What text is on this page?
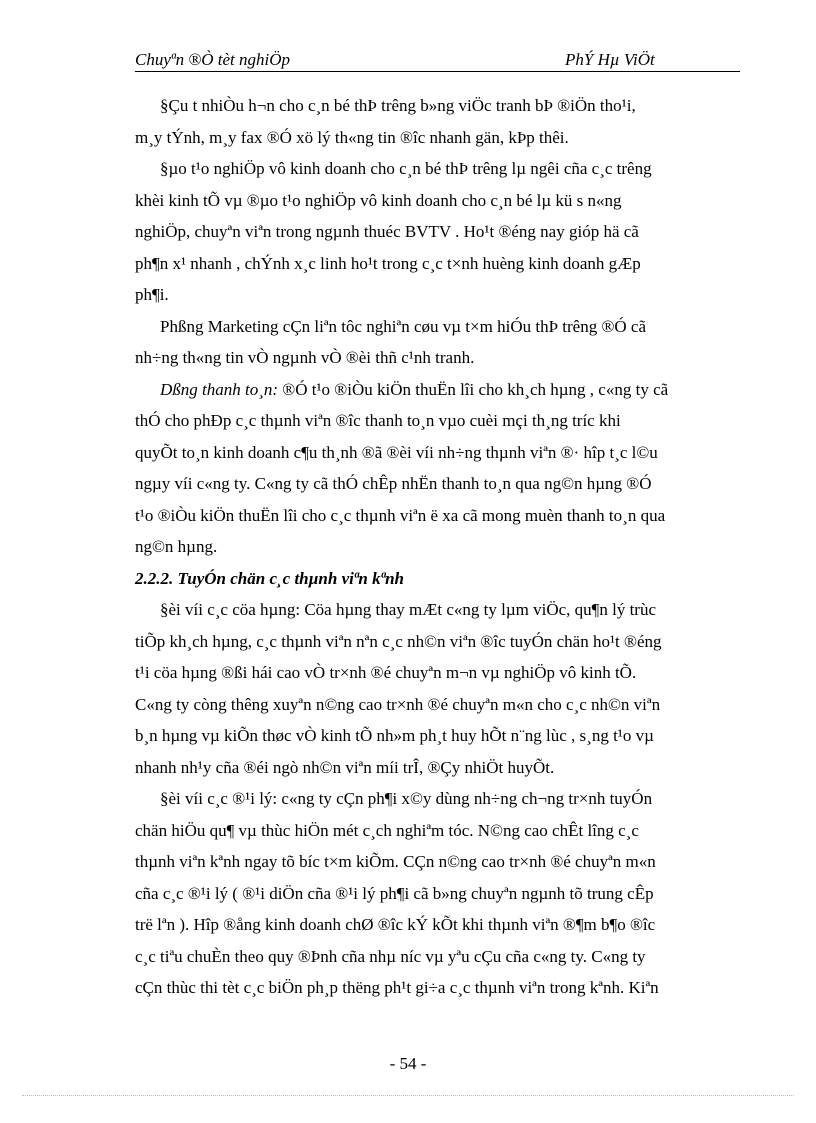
Chuyªn ®Ò tèt nghiÖp	PhÝ Hµ ViÖt
§Çu t nhiÒu h¬n cho c¸n bé thÞ trêng b»ng viÖc tranh bÞ ®iÖn tho¹i,
m¸y tÝnh, m¸y fax ®Ó xö lý th«ng tin ®îc nhanh gän, kÞp thêi.
§µo t¹o nghiÖp vô kinh doanh cho c¸n bé thÞ trêng lµ ngêi cña c¸c trêng
khèi kinh tÕ vµ ®µo t¹o nghiÖp vô kinh doanh cho c¸n bé lµ kü s n«ng
nghiÖp, chuyªn viªn trong ngµnh thuéc BVTV . Ho¹t ®éng nay gióp hä cã
ph¶n x¹ nhanh , chÝnh x¸c linh ho¹t trong c¸c t×nh huèng kinh doanh gÆp
ph¶i.
Phßng Marketing cÇn liªn tôc nghiªn cøu vµ t×m hiÓu thÞ trêng ®Ó cã
nh÷ng th«ng tin vÒ ngµnh vÒ ®èi thñ c¹nh tranh.
Dßng thanh to¸n: ®Ó t¹o ®iÒu kiÖn thuËn lîi cho kh¸ch hµng , c«ng ty cã
thÓ cho phÐp c¸c thµnh viªn ®îc thanh to¸n vµo cuèi mçi th¸ng tríc khi
quyÕt to¸n kinh doanh c¶u th¸nh ®ã ®èi víi nh÷ng thµnh viªn ®· hîp t¸c l©u
ngµy víi c«ng ty. C«ng ty cã thÓ chÊp nhËn thanh to¸n qua ng©n hµng ®Ó
t¹o ®iÒu kiÖn thuËn lîi cho c¸c thµnh viªn ë xa cã mong muèn thanh to¸n qua
ng©n hµng.
2.2.2. TuyÓn chän c¸c thµnh viªn kªnh
§èi víi c¸c cöa hµng: Cöa hµng thay mÆt c«ng ty lµm viÖc, qu¶n lý trùc
tiÕp kh¸ch hµng, c¸c thµnh viªn nªn c¸c nh©n viªn ®îc tuyÓn chän ho¹t ®éng
t¹i cöa hµng ®ßi hái cao vÒ tr×nh ®é chuyªn m¬n vµ nghiÖp vô kinh tÕ.
C«ng ty còng thêng xuyªn n©ng cao tr×nh ®é chuyªn m«n cho c¸c nh©n viªn
b¸n hµng vµ kiÕn thøc vÒ kinh tÕ nh»m ph¸t huy hÕt n¨ng lùc , s¸ng t¹o vµ
nhanh nh¹y cña ®éi ngò nh©n viªn míi trÎ, ®Çy nhiÖt huyÕt.
§èi víi c¸c ®¹i lý: c«ng ty cÇn ph¶i x©y dùng nh÷ng ch¬ng tr×nh tuyÓn
chän hiÖu qu¶ vµ thùc hiÖn mét c¸ch nghiªm tóc. N©ng cao chÊt lîng c¸c
thµnh viªn kªnh ngay tõ bíc t×m kiÕm. CÇn n©ng cao tr×nh ®é chuyªn m«n
cña c¸c ®¹i lý ( ®¹i diÖn cña ®¹i lý ph¶i cã b»ng chuyªn ngµnh tõ trung cÊp
trë lªn ). Hîp ®ång kinh doanh chØ ®îc kÝ kÕt khi thµnh viªn ®¶m b¶o ®îc
c¸c tiªu chuÈn theo quy ®Þnh cña nhµ níc vµ yªu cÇu cña c«ng ty. C«ng ty
cÇn thùc thi tèt c¸c biÖn ph¸p thëng ph¹t gi÷a c¸c thµnh viªn trong kªnh. Kiªn
- 54 -
